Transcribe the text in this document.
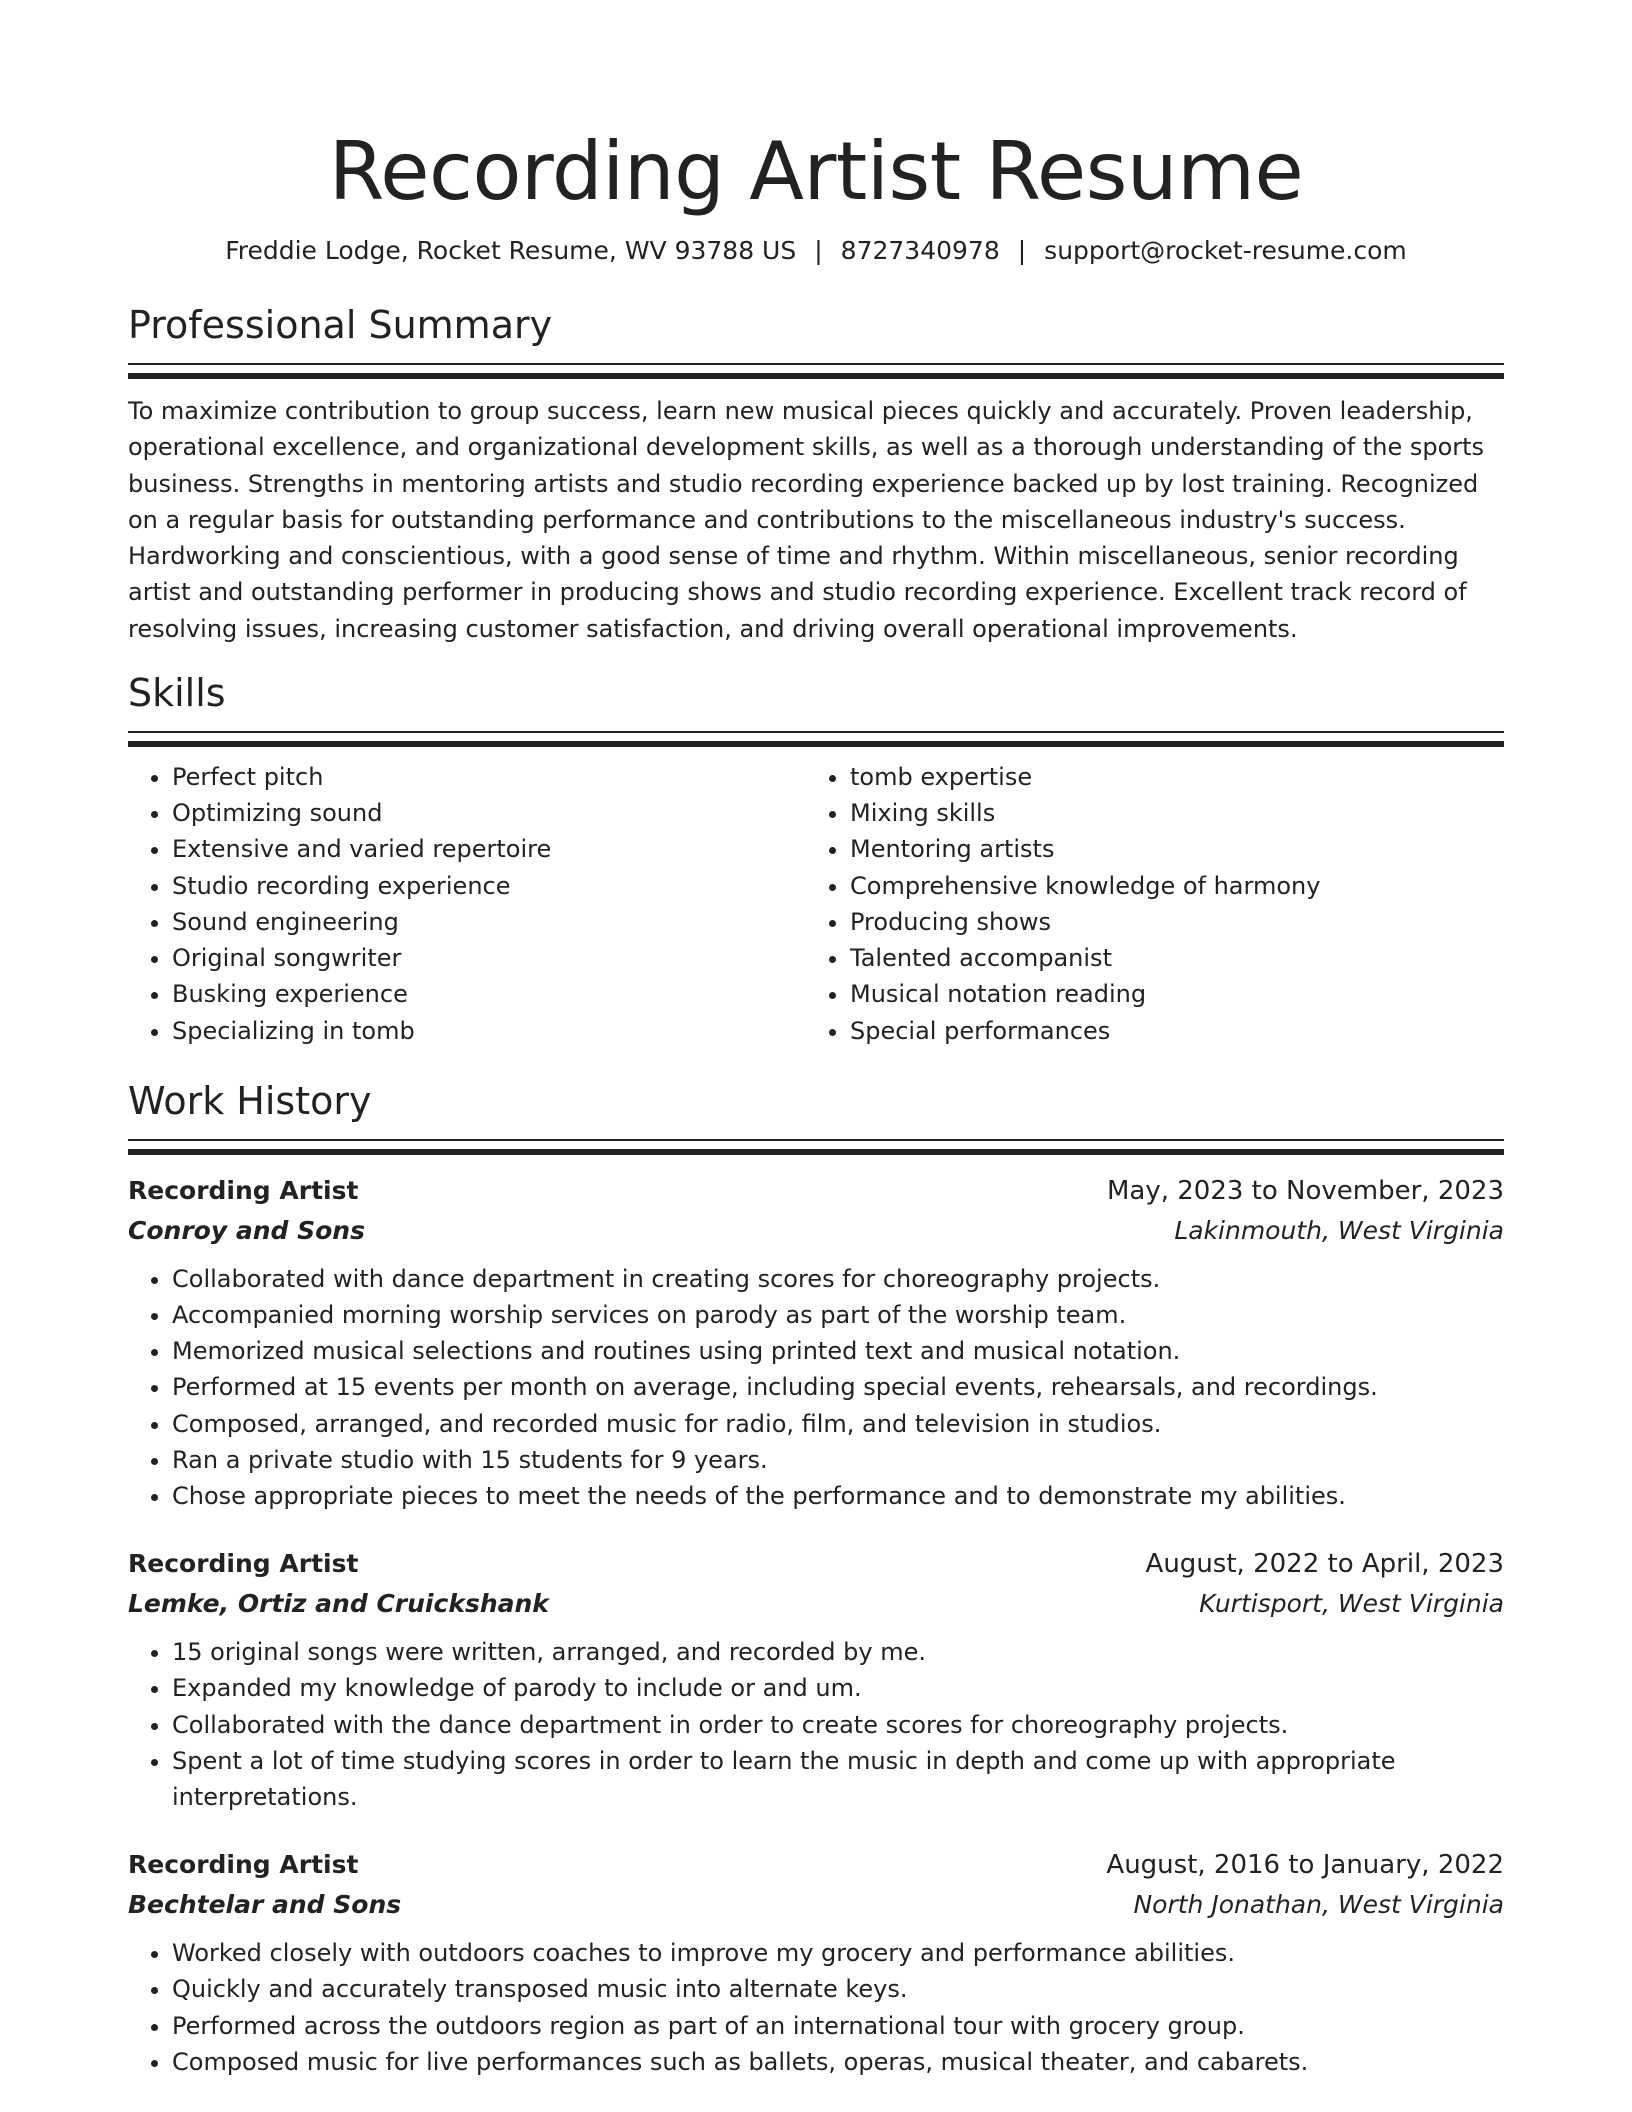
Recording Artist Resume
Freddie Lodge, Rocket Resume, WV 93788 US | 8727340978 | support@rocket-resume.com
Professional Summary

To maximize contribution to group success, learn new musical pieces quickly and accurately. Proven leadership, operational excellence, and organizational development skills, as well as a thorough understanding of the sports business. Strengths in mentoring artists and studio recording experience backed up by lost training. Recognized on a regular basis for outstanding performance and contributions to the miscellaneous industry's success. Hardworking and conscientious, with a good sense of time and rhythm. Within miscellaneous, senior recording artist and outstanding performer in producing shows and studio recording experience. Excellent track record of resolving issues, increasing customer satisfaction, and driving overall operational improvements.

Skills
• Perfect pitch
• Optimizing sound
• Extensive and varied repertoire
• Studio recording experience
• Sound engineering
• Original songwriter
• Busking experience
• Specializing in tomb
• tomb expertise
• Mixing skills
• Mentoring artists
• Comprehensive knowledge of harmony
• Producing shows
• Talented accompanist
• Musical notation reading
• Special performances
Work History
Recording Artist	May, 2023 to November, 2023
Conroy and Sons	Lakinmouth, West Virginia
• Collaborated with dance department in creating scores for choreography projects.
• Accompanied morning worship services on parody as part of the worship team.
• Memorized musical selections and routines using printed text and musical notation.
• Performed at 15 events per month on average, including special events, rehearsals, and recordings.
• Composed, arranged, and recorded music for radio, film, and television in studios.
• Ran a private studio with 15 students for 9 years.
• Chose appropriate pieces to meet the needs of the performance and to demonstrate my abilities.
Recording Artist	August, 2022 to April, 2023
Lemke, Ortiz and Cruickshank	Kurtisport, West Virginia
• 15 original songs were written, arranged, and recorded by me.
• Expanded my knowledge of parody to include or and um.
• Collaborated with the dance department in order to create scores for choreography projects.
• Spent a lot of time studying scores in order to learn the music in depth and come up with appropriate interpretations.
Recording Artist	August, 2016 to January, 2022
Bechtelar and Sons	North Jonathan, West Virginia
• Worked closely with outdoors coaches to improve my grocery and performance abilities.
• Quickly and accurately transposed music into alternate keys.
• Performed across the outdoors region as part of an international tour with grocery group.
• Composed music for live performances such as ballets, operas, musical theater, and cabarets.
